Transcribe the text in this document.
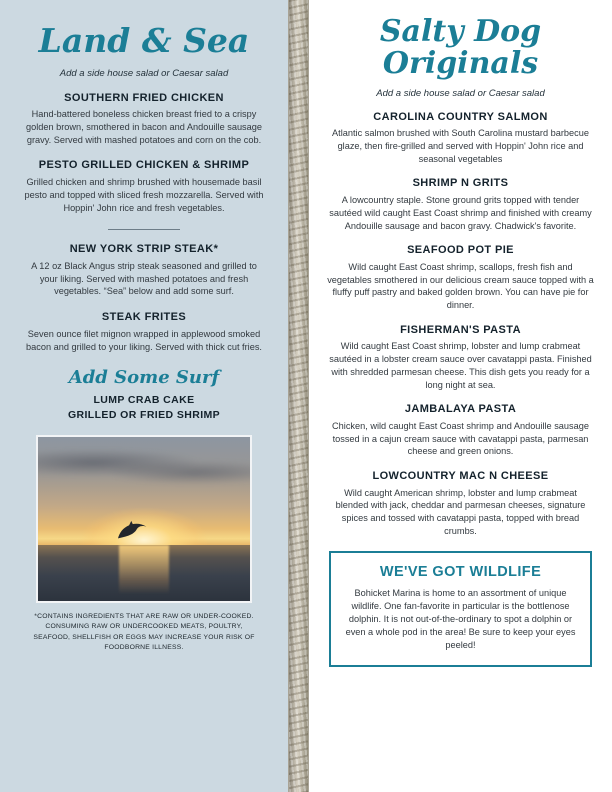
Land & Sea
Add a side house salad or Caesar salad
SOUTHERN FRIED CHICKEN
Hand-battered boneless chicken breast fried to a crispy golden brown, smothered in bacon and Andouille sausage gravy. Served with mashed potatoes and corn on the cob.
PESTO GRILLED CHICKEN & SHRIMP
Grilled chicken and shrimp brushed with housemade basil pesto and topped with sliced fresh mozzarella. Served with Hoppin' John rice and fresh vegetables.
NEW YORK STRIP STEAK*
A 12 oz Black Angus strip steak seasoned and grilled to your liking. Served with mashed potatoes and fresh vegetables. “Sea” below and add some surf.
STEAK FRITES
Seven ounce filet mignon wrapped in applewood smoked bacon and grilled to your liking. Served with thick cut fries.
Add Some Surf
LUMP CRAB CAKE
GRILLED OR FRIED SHRIMP
*CONTAINS INGREDIENTS THAT ARE RAW OR UNDER-COOKED. CONSUMING RAW OR UNDERCOOKED MEATS, POULTRY, SEAFOOD, SHELLFISH OR EGGS MAY INCREASE YOUR RISK OF FOODBORNE ILLNESS.
Salty Dog
Originals
Add a side house salad or Caesar salad
CAROLINA COUNTRY SALMON
Atlantic salmon brushed with South Carolina mustard barbecue glaze, then fire-grilled and served with Hoppin' John rice and seasonal vegetables
SHRIMP N GRITS
A lowcountry staple. Stone ground grits topped with tender sautéed wild caught East Coast shrimp and finished with creamy Andouille sausage and bacon gravy. Chadwick's favorite.
SEAFOOD POT PIE
Wild caught East Coast shrimp, scallops, fresh fish and vegetables smothered in our delicious cream sauce topped with a fluffy puff pastry and baked golden brown. You can have pie for dinner.
FISHERMAN'S PASTA
Wild caught East Coast shrimp, lobster and lump crabmeat sautéed in a lobster cream sauce over cavatappi pasta. Finished with shredded parmesan cheese. This dish gets you ready for a long night at sea.
JAMBALAYA PASTA
Chicken, wild caught East Coast shrimp and Andouille sausage tossed in a cajun cream sauce with cavatappi pasta, parmesan cheese and green onions.
LOWCOUNTRY MAC N CHEESE
Wild caught American shrimp, lobster and lump crabmeat blended with jack, cheddar and parmesan cheeses, signature spices and tossed with cavatappi pasta, topped with bread crumbs.
WE'VE GOT WILDLIFE
Bohicket Marina is home to an assortment of unique wildlife. One fan-favorite in particular is the bottlenose dolphin. It is not out-of-the-ordinary to spot a dolphin or even a whole pod in the area! Be sure to keep your eyes peeled!
